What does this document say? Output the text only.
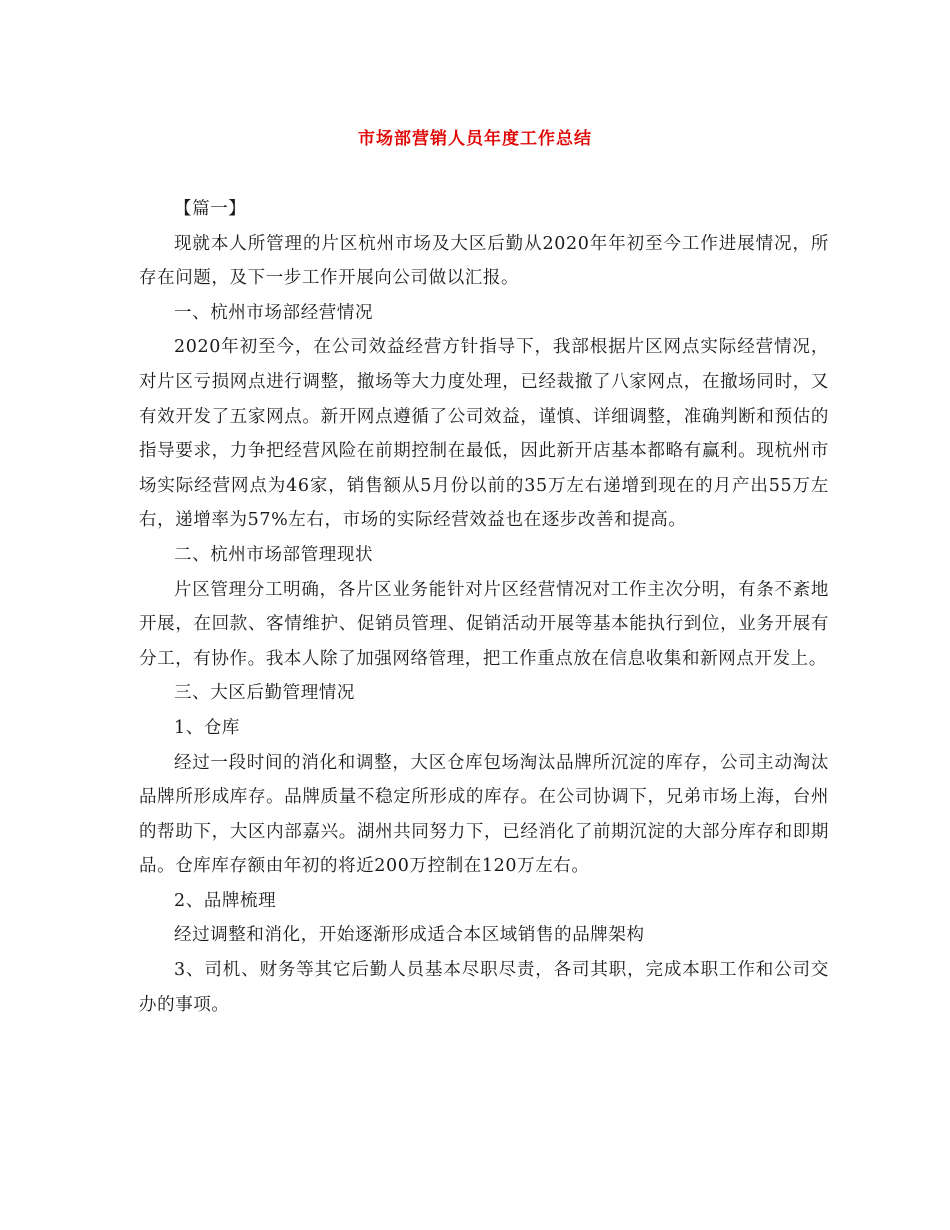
市场部营销人员年度工作总结

【篇一】

现就本人所管理的片区杭州市场及大区后勤从2020年年初至今工作进展情况，所存在问题，及下一步工作开展向公司做以汇报。

一、杭州市场部经营情况

2020年初至今，在公司效益经营方针指导下，我部根据片区网点实际经营情况，对片区亏损网点进行调整，撤场等大力度处理，已经裁撤了八家网点，在撤场同时，又有效开发了五家网点。新开网点遵循了公司效益，谨慎、详细调整，准确判断和预估的指导要求，力争把经营风险在前期控制在最低，因此新开店基本都略有赢利。现杭州市场实际经营网点为46家，销售额从5月份以前的35万左右递增到现在的月产出55万左右，递增率为57%左右，市场的实际经营效益也在逐步改善和提高。

二、杭州市场部管理现状

片区管理分工明确，各片区业务能针对片区经营情况对工作主次分明，有条不紊地开展，在回款、客情维护、促销员管理、促销活动开展等基本能执行到位，业务开展有分工，有协作。我本人除了加强网络管理，把工作重点放在信息收集和新网点开发上。

三、大区后勤管理情况

1、仓库

经过一段时间的消化和调整，大区仓库包场淘汰品牌所沉淀的库存，公司主动淘汰品牌所形成库存。品牌质量不稳定所形成的库存。在公司协调下，兄弟市场上海，台州的帮助下，大区内部嘉兴。湖州共同努力下，已经消化了前期沉淀的大部分库存和即期品。仓库库存额由年初的将近200万控制在120万左右。

2、品牌梳理

经过调整和消化，开始逐渐形成适合本区域销售的品牌架构

3、司机、财务等其它后勤人员基本尽职尽责，各司其职，完成本职工作和公司交办的事项。
